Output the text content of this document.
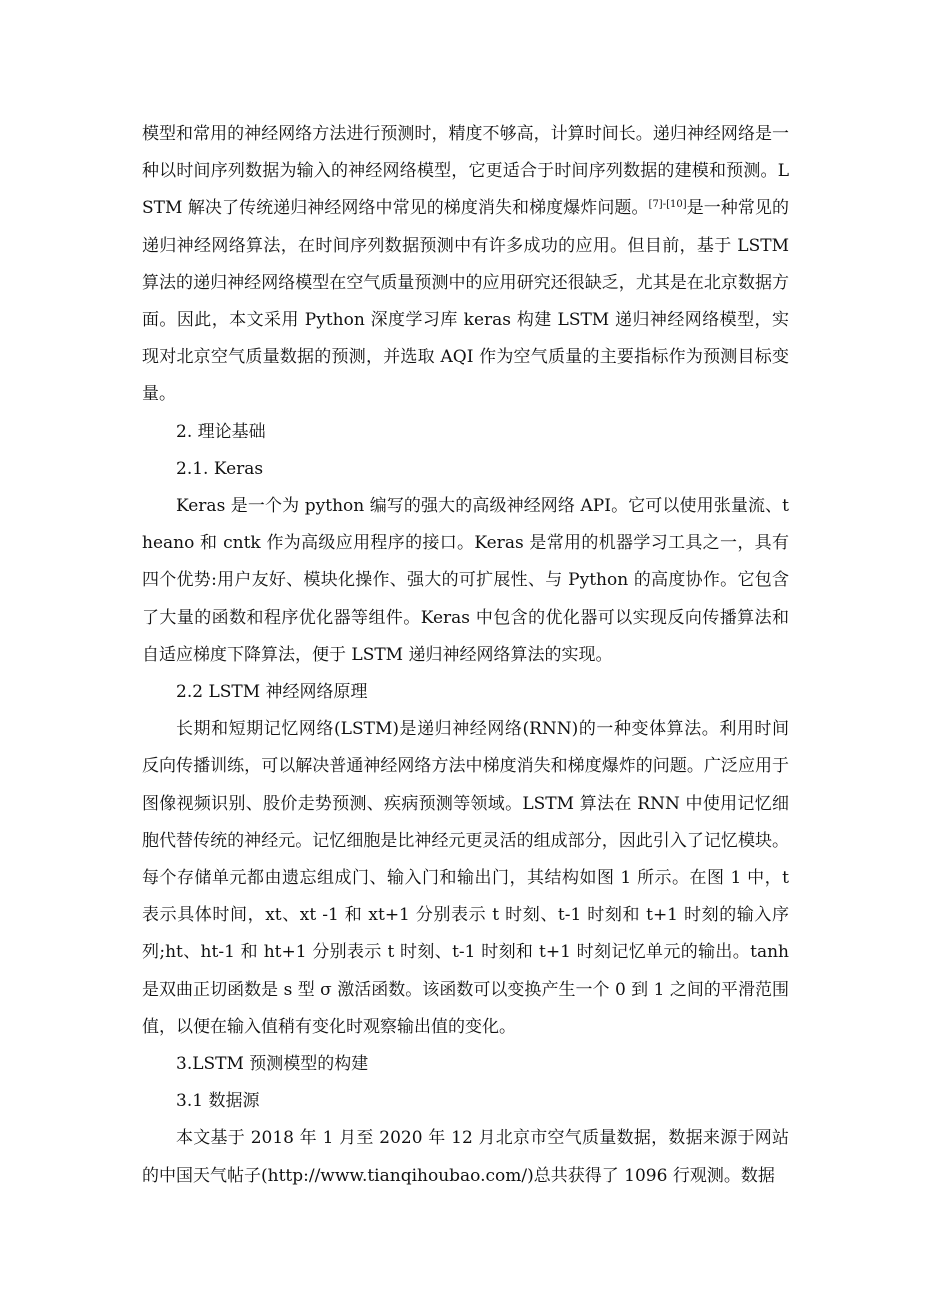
模型和常用的神经网络方法进行预测时，精度不够高，计算时间长。递归神经网络是一种以时间序列数据为输入的神经网络模型，它更适合于时间序列数据的建模和预测。LSTM 解决了传统递归神经网络中常见的梯度消失和梯度爆炸问题。[7]-[10]是一种常见的递归神经网络算法，在时间序列数据预测中有许多成功的应用。但目前，基于 LSTM 算法的递归神经网络模型在空气质量预测中的应用研究还很缺乏，尤其是在北京数据方面。因此，本文采用 Python 深度学习库 keras 构建 LSTM 递归神经网络模型，实现对北京空气质量数据的预测，并选取 AQI 作为空气质量的主要指标作为预测目标变量。

2. 理论基础

2.1. Keras

Keras 是一个为 python 编写的强大的高级神经网络 API。它可以使用张量流、theano 和 cntk 作为高级应用程序的接口。Keras 是常用的机器学习工具之一，具有四个优势:用户友好、模块化操作、强大的可扩展性、与 Python 的高度协作。它包含了大量的函数和程序优化器等组件。Keras 中包含的优化器可以实现反向传播算法和自适应梯度下降算法，便于 LSTM 递归神经网络算法的实现。

2.2 LSTM 神经网络原理

长期和短期记忆网络(LSTM)是递归神经网络(RNN)的一种变体算法。利用时间反向传播训练，可以解决普通神经网络方法中梯度消失和梯度爆炸的问题。广泛应用于图像视频识别、股价走势预测、疾病预测等领域。LSTM 算法在 RNN 中使用记忆细胞代替传统的神经元。记忆细胞是比神经元更灵活的组成部分，因此引入了记忆模块。每个存储单元都由遗忘组成门、输入门和输出门，其结构如图 1 所示。在图 1 中，t 表示具体时间，xt、xt -1 和 xt+1 分别表示 t 时刻、t-1 时刻和 t+1 时刻的输入序列;ht、ht-1 和 ht+1 分别表示 t 时刻、t-1 时刻和 t+1 时刻记忆单元的输出。tanh 是双曲正切函数是 s 型 σ 激活函数。该函数可以变换产生一个 0 到 1 之间的平滑范围值，以便在输入值稍有变化时观察输出值的变化。

3.LSTM 预测模型的构建

3.1 数据源

本文基于 2018 年 1 月至 2020 年 12 月北京市空气质量数据，数据来源于网站的中国天气帖子(http://www.tianqihoubao.com/)总共获得了 1096 行观测。数据
